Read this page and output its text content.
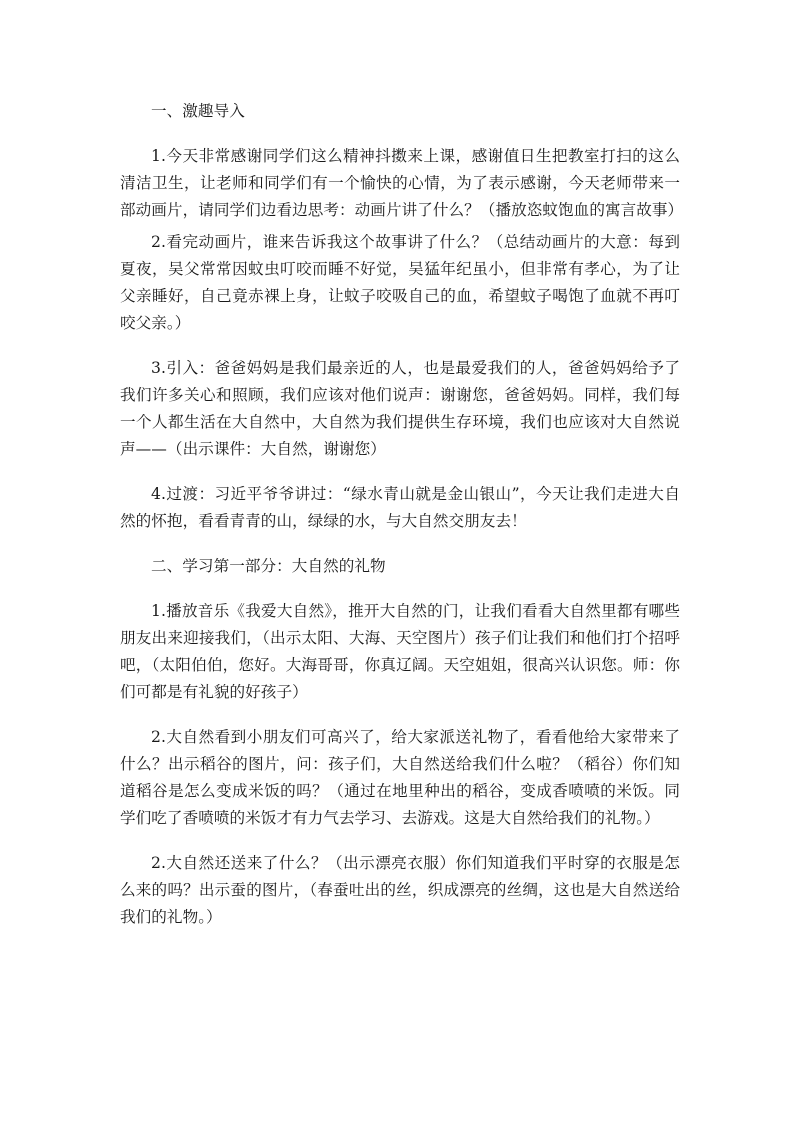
一、激趣导入

1.今天非常感谢同学们这么精神抖擞来上课，感谢值日生把教室打扫的这么清洁卫生，让老师和同学们有一个愉快的心情，为了表示感谢，今天老师带来一部动画片，请同学们边看边思考：动画片讲了什么？（播放恣蚊饱血的寓言故事）

2.看完动画片，谁来告诉我这个故事讲了什么？（总结动画片的大意：每到夏夜，吴父常常因蚊虫叮咬而睡不好觉，吴猛年纪虽小，但非常有孝心，为了让父亲睡好，自己竟赤裸上身，让蚊子咬吸自己的血，希望蚊子喝饱了血就不再叮咬父亲。）

3.引入：爸爸妈妈是我们最亲近的人，也是最爱我们的人，爸爸妈妈给予了我们许多关心和照顾，我们应该对他们说声：谢谢您，爸爸妈妈。同样，我们每一个人都生活在大自然中，大自然为我们提供生存环境，我们也应该对大自然说声——（出示课件：大自然，谢谢您）

4.过渡：习近平爷爷讲过：“绿水青山就是金山银山”，今天让我们走进大自然的怀抱，看看青青的山，绿绿的水，与大自然交朋友去！

二、学习第一部分：大自然的礼物

1.播放音乐《我爱大自然》，推开大自然的门，让我们看看大自然里都有哪些朋友出来迎接我们，（出示太阳、大海、天空图片）孩子们让我们和他们打个招呼吧，（太阳伯伯，您好。大海哥哥，你真辽阔。天空姐姐，很高兴认识您。师：你们可都是有礼貌的好孩子）

2.大自然看到小朋友们可高兴了，给大家派送礼物了，看看他给大家带来了什么？出示稻谷的图片，问：孩子们，大自然送给我们什么啦？（稻谷）你们知道稻谷是怎么变成米饭的吗？（通过在地里种出的稻谷，变成香喷喷的米饭。同学们吃了香喷喷的米饭才有力气去学习、去游戏。这是大自然给我们的礼物。）

2.大自然还送来了什么？（出示漂亮衣服）你们知道我们平时穿的衣服是怎么来的吗？出示蚕的图片，（春蚕吐出的丝，织成漂亮的丝绸，这也是大自然送给我们的礼物。）
